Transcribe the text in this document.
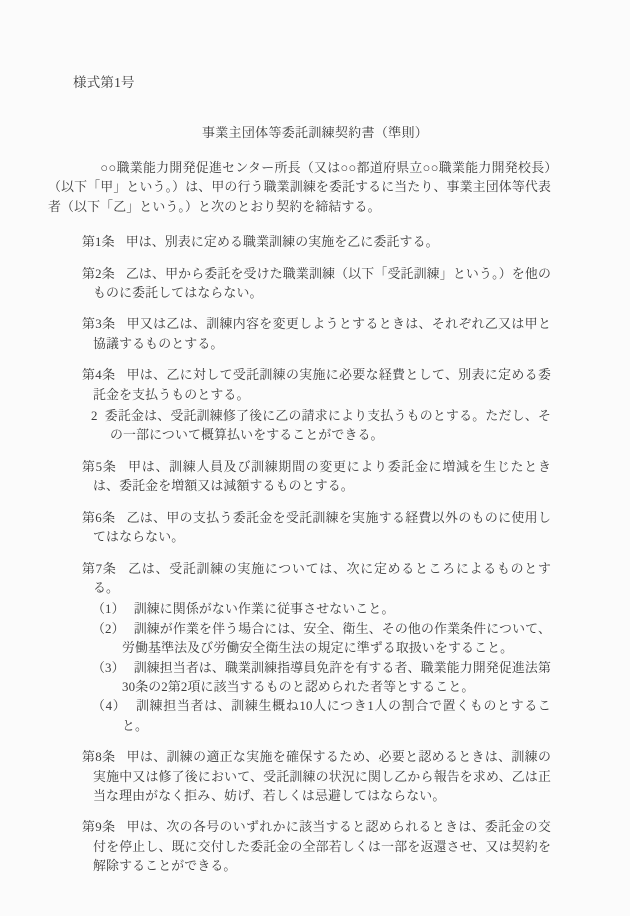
様式第1号
事業主団体等委託訓練契約書（準則）

　　○○職業能力開発促進センター所長（又は○○都道府県立○○職業能力開発校長）（以下「甲」という。）は、甲の行う職業訓練を委託するに当たり、事業主団体等代表者（以下「乙」という。）と次のとおり契約を締結する。

第1条 甲は、別表に定める職業訓練の実施を乙に委託する。

第2条 乙は、甲から委託を受けた職業訓練（以下「受託訓練」という。）を他のものに委託してはならない。

第3条 甲又は乙は、訓練内容を変更しようとするときは、それぞれ乙又は甲と協議するものとする。

第4条 甲は、乙に対して受託訓練の実施に必要な経費として、別表に定める委託金を支払うものとする。

2 委託金は、受託訓練修了後に乙の請求により支払うものとする。ただし、その一部について概算払いをすることができる。

第5条 甲は、訓練人員及び訓練期間の変更により委託金に増減を生じたときは、委託金を増額又は減額するものとする。

第6条 乙は、甲の支払う委託金を受託訓練を実施する経費以外のものに使用してはならない。

第7条 乙は、受託訓練の実施については、次に定めるところによるものとする。

（1） 訓練に関係がない作業に従事させないこと。

（2） 訓練が作業を伴う場合には、安全、衛生、その他の作業条件について、労働基準法及び労働安全衛生法の規定に準ずる取扱いをすること。

（3） 訓練担当者は、職業訓練指導員免許を有する者、職業能力開発促進法第30条の2第2項に該当するものと認められた者等とすること。

（4） 訓練担当者は、訓練生概ね10人につき1人の割合で置くものとすること。

第8条 甲は、訓練の適正な実施を確保するため、必要と認めるときは、訓練の実施中又は修了後において、受託訓練の状況に関し乙から報告を求め、乙は正当な理由がなく拒み、妨げ、若しくは忌避してはならない。

第9条 甲は、次の各号のいずれかに該当すると認められるときは、委託金の交付を停止し、既に交付した委託金の全部若しくは一部を返還させ、又は契約を解除することができる。
